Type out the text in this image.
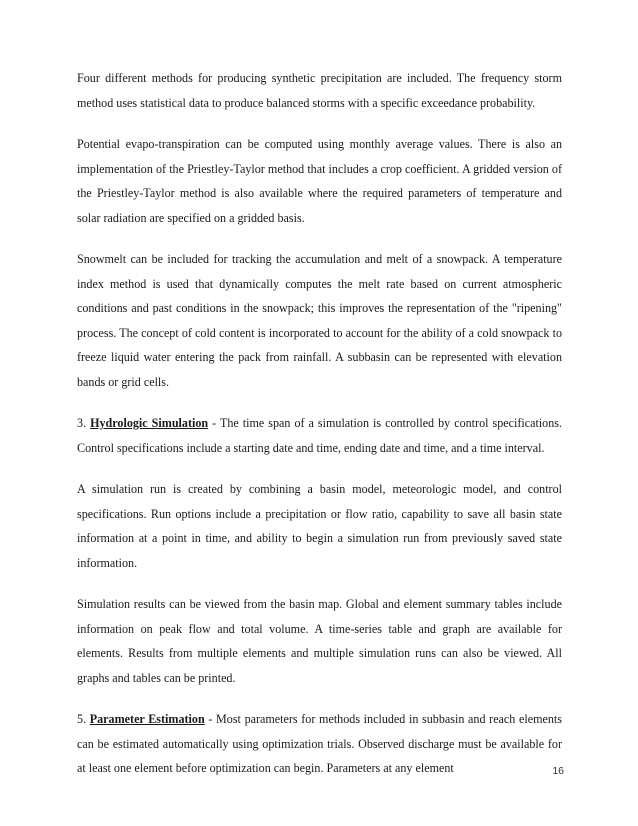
Four different methods for producing synthetic precipitation are included. The frequency storm method uses statistical data to produce balanced storms with a specific exceedance probability.

Potential evapo-transpiration can be computed using monthly average values. There is also an implementation of the Priestley-Taylor method that includes a crop coefficient. A gridded version of the Priestley-Taylor method is also available where the required parameters of temperature and solar radiation are specified on a gridded basis.

Snowmelt can be included for tracking the accumulation and melt of a snowpack. A temperature index method is used that dynamically computes the melt rate based on current atmospheric conditions and past conditions in the snowpack; this improves the representation of the "ripening" process. The concept of cold content is incorporated to account for the ability of a cold snowpack to freeze liquid water entering the pack from rainfall. A subbasin can be represented with elevation bands or grid cells.

3. Hydrologic Simulation - The time span of a simulation is controlled by control specifications. Control specifications include a starting date and time, ending date and time, and a time interval.

A simulation run is created by combining a basin model, meteorologic model, and control specifications. Run options include a precipitation or flow ratio, capability to save all basin state information at a point in time, and ability to begin a simulation run from previously saved state information.

Simulation results can be viewed from the basin map. Global and element summary tables include information on peak flow and total volume. A time-series table and graph are available for elements. Results from multiple elements and multiple simulation runs can also be viewed. All graphs and tables can be printed.

5. Parameter Estimation - Most parameters for methods included in subbasin and reach elements can be estimated automatically using optimization trials. Observed discharge must be available for at least one element before optimization can begin. Parameters at any element	16
